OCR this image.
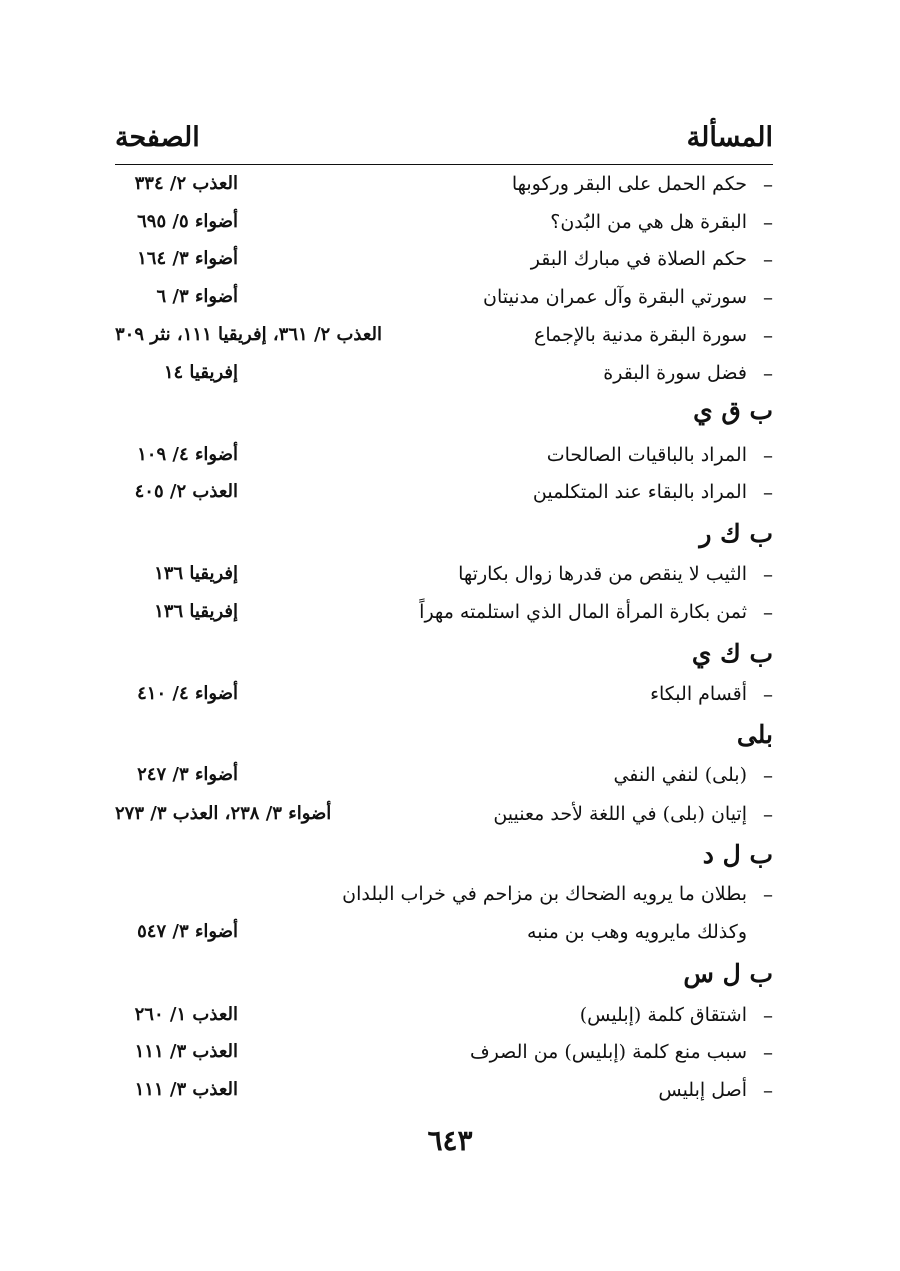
المسألة
الصفحة
–
حكم الحمل على البقر وركوبها
العذب ٢/ ٣٣٤
–
البقرة هل هي من البُدن؟
أضواء ٥/ ٦٩٥
–
حكم الصلاة في مبارك البقر
أضواء ٣/ ١٦٤
–
سورتي البقرة وآل عمران مدنيتان
أضواء ٣/ ٦
–
سورة البقرة مدنية بالإجماع
العذب ٢/ ٣٦١، إفريقيا ١١١، نثر ٣٠٩
–
فضل سورة البقرة
إفريقيا ١٤
ب ق ي
–
المراد بالباقيات الصالحات
أضواء ٤/ ١٠٩
–
المراد بالبقاء عند المتكلمين
العذب ٢/ ٤٠٥
ب ك ر
–
الثيب لا ينقص من قدرها زوال بكارتها
إفريقيا ١٣٦
–
ثمن بكارة المرأة المال الذي استلمته مهراً
إفريقيا ١٣٦
ب ك ي
–
أقسام البكاء
أضواء ٤/ ٤١٠
بلى
–
(بلى) لنفي النفي
أضواء ٣/ ٢٤٧
–
إتيان (بلى) في اللغة لأحد معنيين
أضواء ٣/ ٢٣٨، العذب ٣/ ٢٧٣
ب ل د
–
بطلان ما يرويه الضحاك بن مزاحم في خراب البلدان
وكذلك مايرويه وهب بن منبه
أضواء ٣/ ٥٤٧
ب ل س
–
اشتقاق كلمة (إبليس)
العذب ١/ ٢٦٠
–
سبب منع كلمة (إبليس) من الصرف
العذب ٣/ ١١١
–
أصل إبليس
العذب ٣/ ١١١
٦٤٣
